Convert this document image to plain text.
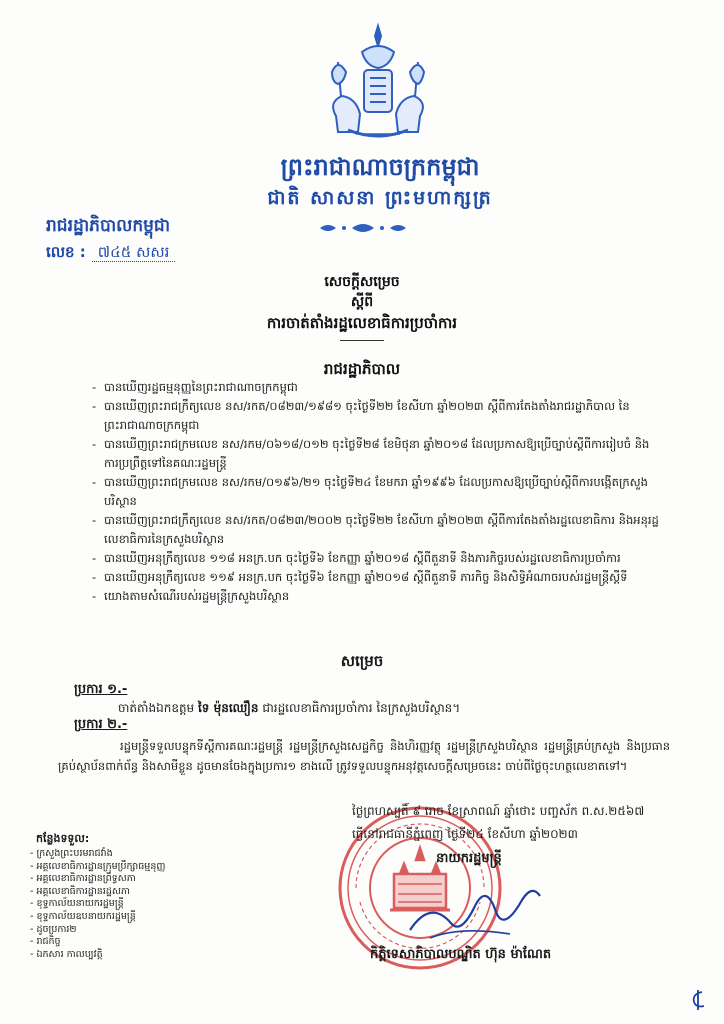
ព្រះរាជាណាចក្រកម្ពុជា
ជាតិ សាសនា ព្រះមហាក្សត្រ
រាជរដ្ឋាភិបាលកម្ពុជា
លេខ : ៧៤៥ សសរ
សេចក្តីសម្រេច
ស្តីពី
ការចាត់តាំងរដ្ឋលេខាធិការប្រចាំការ
រាជរដ្ឋាភិបាល

- បានឃើញរដ្ឋធម្មនុញ្ញនៃព្រះរាជាណាចក្រកម្ពុជា

- បានឃើញព្រះរាជក្រឹត្យលេខ នស/រកត/០៨២៣/១៩៨១ ចុះថ្ងៃទី២២ ខែសីហា ឆ្នាំ២០២៣ ស្តីពីការតែងតាំងរាជរដ្ឋាភិបាល នៃព្រះរាជាណាចក្រកម្ពុជា

- បានឃើញព្រះរាជក្រមលេខ នស/រកម/០៦១៨/០១២ ចុះថ្ងៃទី២៨ ខែមិថុនា ឆ្នាំ២០១៨ ដែលប្រកាសឱ្យប្រើច្បាប់ស្តីពីការរៀបចំ និងការប្រព្រឹត្តទៅនៃគណៈរដ្ឋមន្ត្រី

- បានឃើញព្រះរាជក្រមលេខ នស/រកម/០១៩៦/២១ ចុះថ្ងៃទី២៤ ខែមករា ឆ្នាំ១៩៩៦ ដែលប្រកាសឱ្យប្រើច្បាប់ស្តីពីការបង្កើតក្រសួងបរិស្ថាន

- បានឃើញព្រះរាជក្រឹត្យលេខ នស/រកត/០៨២៣/២០០២ ចុះថ្ងៃទី២២ ខែសីហា ឆ្នាំ២០២៣ ស្តីពីការតែងតាំងរដ្ឋលេខាធិការ និងអនុរដ្ឋលេខាធិការនៃក្រសួងបរិស្ថាន

- បានឃើញអនុក្រឹត្យលេខ ១១៨ អនក្រ.បក ចុះថ្ងៃទី៦ ខែកញ្ញា ឆ្នាំ២០១៨ ស្តីពីតួនាទី និងភារកិច្ចរបស់រដ្ឋលេខាធិការប្រចាំការ

- បានឃើញអនុក្រឹត្យលេខ ១១៩ អនក្រ.បក ចុះថ្ងៃទី៦ ខែកញ្ញា ឆ្នាំ២០១៨ ស្តីពីតួនាទី ភារកិច្ច និងសិទ្ធិអំណាចរបស់រដ្ឋមន្ត្រីស្តីទី

- យោងតាមសំណើរបស់រដ្ឋមន្ត្រីក្រសួងបរិស្ថាន

សម្រេច
ប្រការ ១.-
ចាត់តាំងឯកឧត្តម ទៃ ម៉ុនឈឿន ជារដ្ឋលេខាធិការប្រចាំការ នៃក្រសួងបរិស្ថាន។
ប្រការ ២.-
រដ្ឋមន្ត្រីទទួលបន្ទុកទីស្តីការគណៈរដ្ឋមន្ត្រី រដ្ឋមន្ត្រីក្រសួងសេដ្ឋកិច្ច និងហិរញ្ញវត្ថុ រដ្ឋមន្ត្រីក្រសួងបរិស្ថាន រដ្ឋមន្ត្រីគ្រប់ក្រសួង និងប្រធានគ្រប់ស្ថាប័នពាក់ព័ន្ធ និងសាមីខ្លួន ដូចមានចែងក្នុងប្រការ១ ខាងលើ ត្រូវទទួលបន្ទុកអនុវត្តសេចក្តីសម្រេចនេះ ចាប់ពីថ្ងៃចុះហត្ថលេខាតទៅ។
ថ្ងៃព្រហស្បតិ៍ ៩ រោច ខែស្រាពណ៍ ឆ្នាំថោះ បញ្ចស័ក ព.ស.២៥៦៧
ធ្វើនៅរាជធានីភ្នំពេញ ថ្ងៃទី២៤ ខែសីហា ឆ្នាំ២០២៣
នាយករដ្ឋមន្ត្រី
កិត្តិទេសាភិបាលបណ្ឌិត ហ៊ុន ម៉ាណែត
កន្លែងទទួល:
- ក្រសួងព្រះបរមរាជវាំង
- អគ្គលេខាធិការដ្ឋានក្រុមប្រឹក្សាធម្មនុញ្ញ
- អគ្គលេខាធិការដ្ឋានព្រឹទ្ធសភា
- អគ្គលេខាធិការដ្ឋានរដ្ឋសភា
- ខុទ្ទកាល័យនាយករដ្ឋមន្ត្រី
- ខុទ្ទកាល័យឧបនាយករដ្ឋមន្ត្រី
- ដូចប្រការ២
- រាជកិច្ច
- ឯកសារ កាលប្បវត្តិ
